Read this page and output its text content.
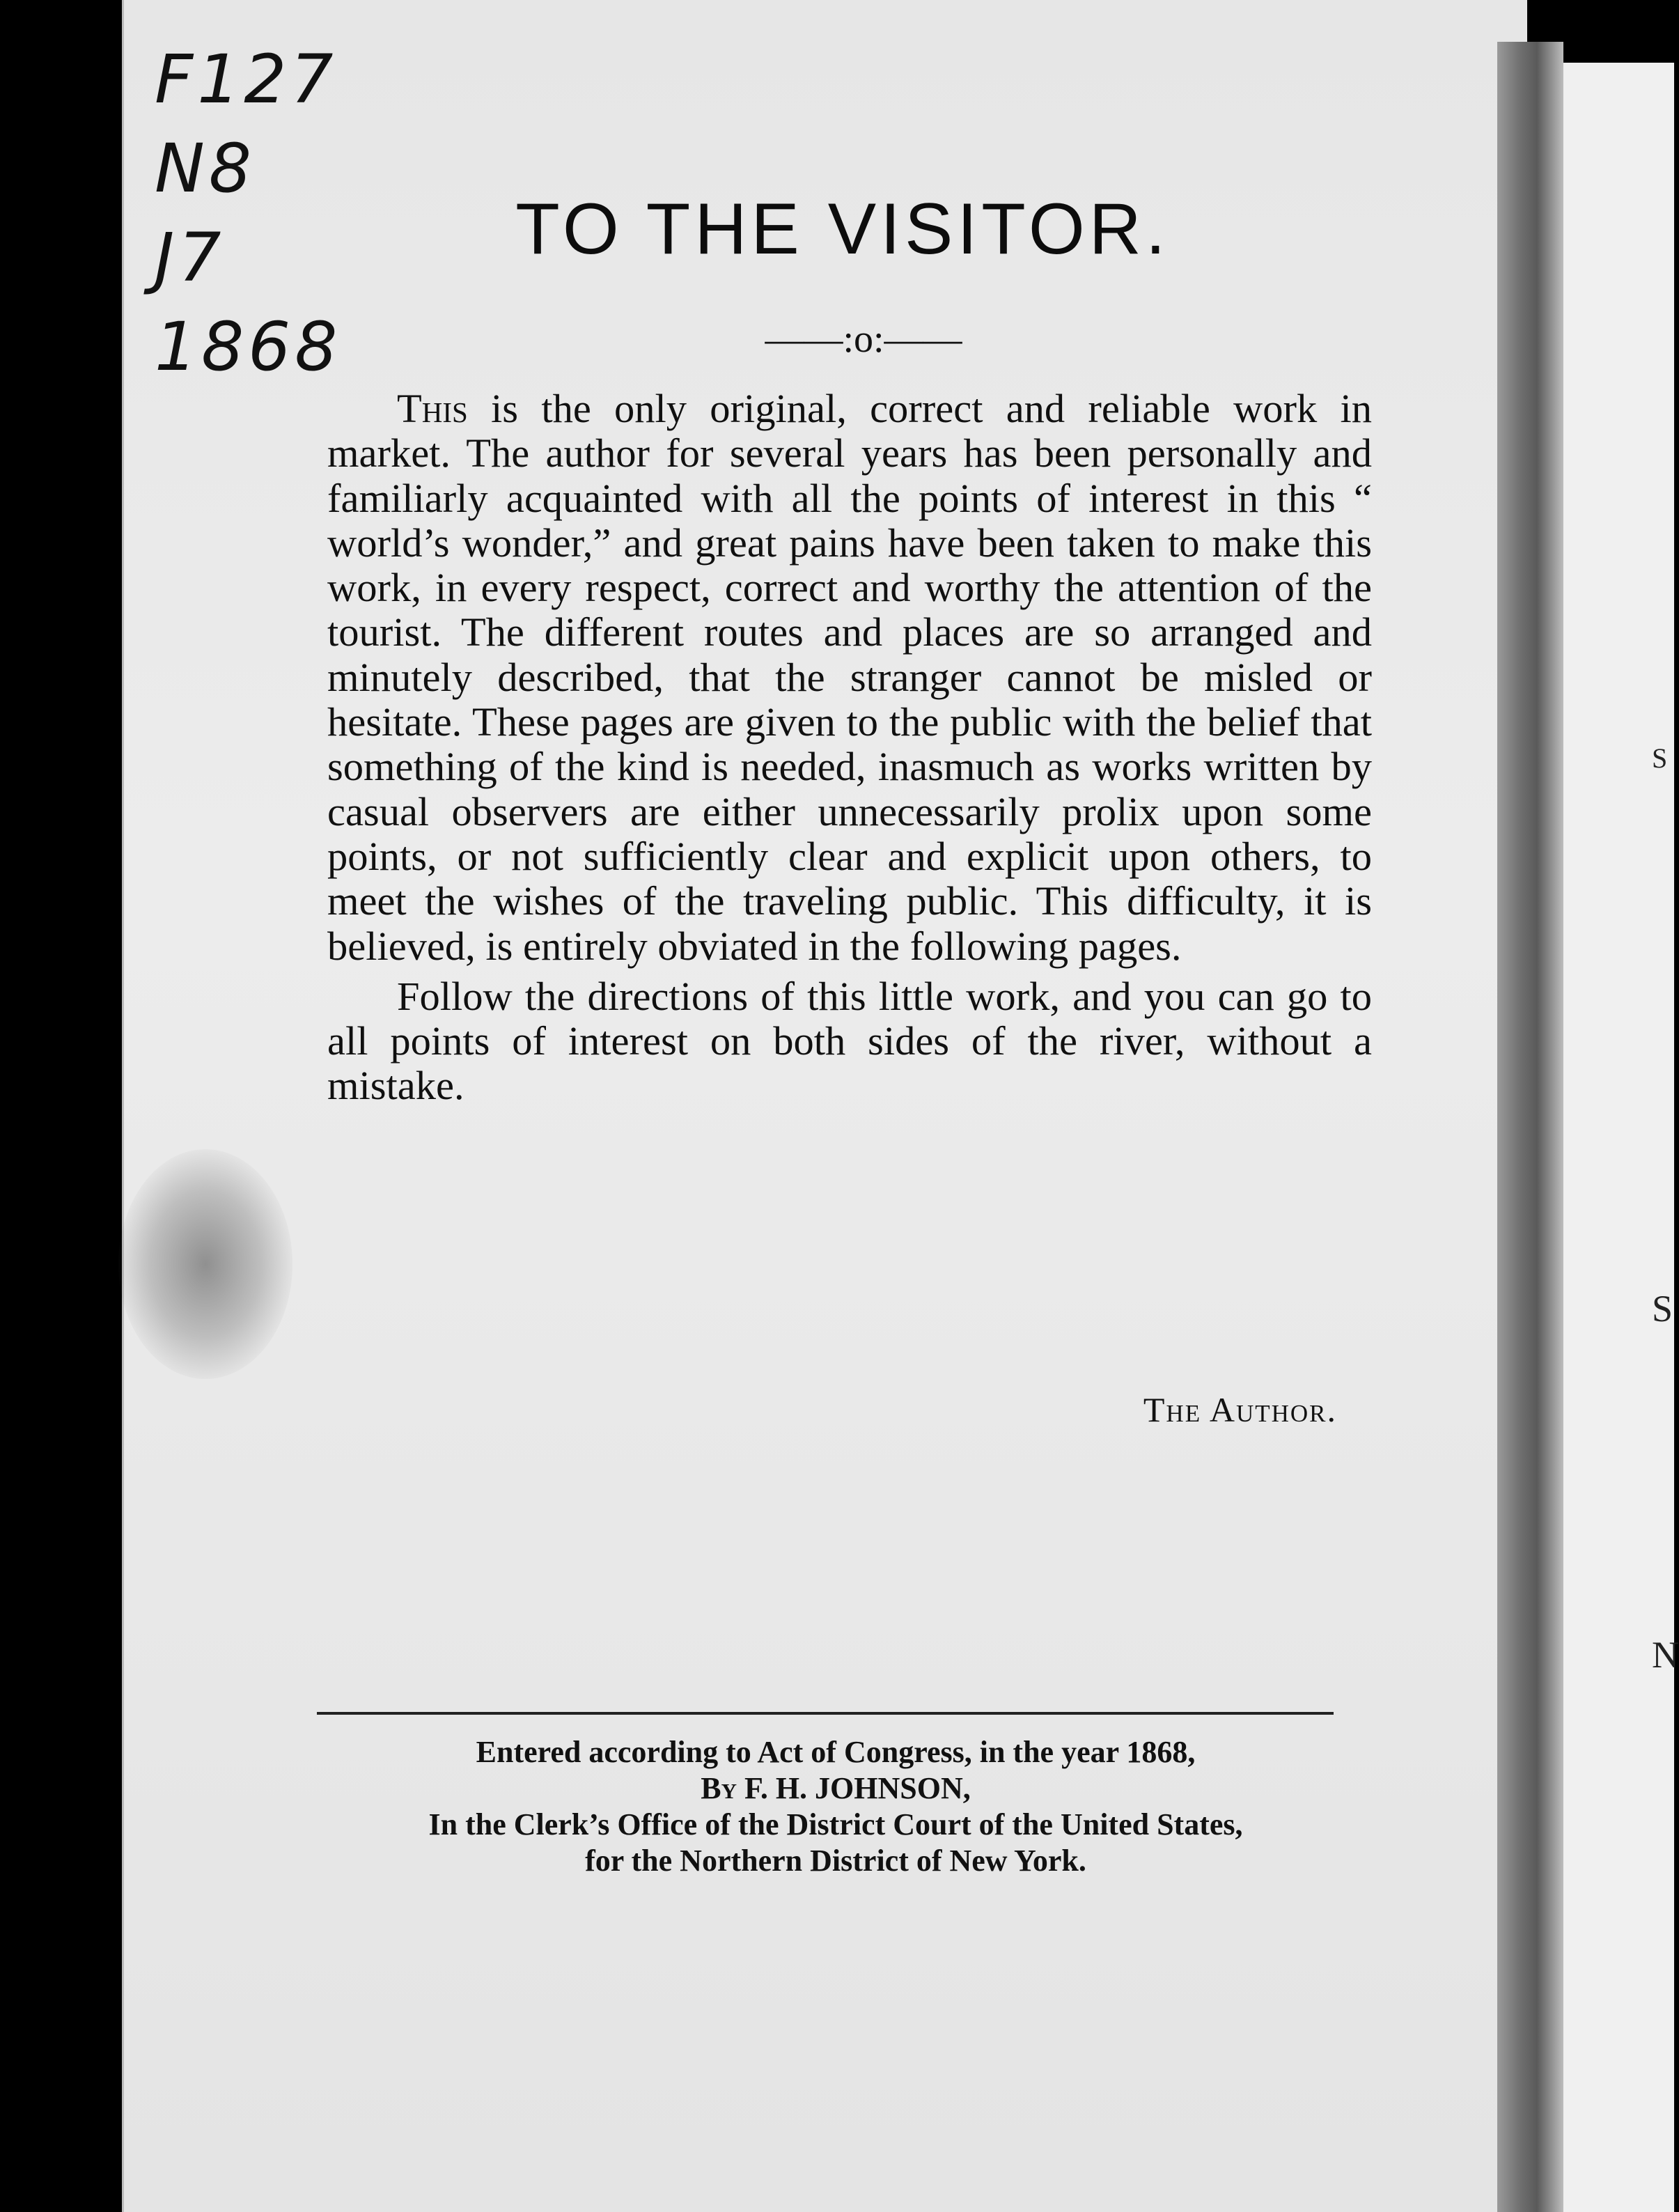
S
S
N
F127
N8
J7
1868
TO THE VISITOR.
——:o:——

This is the only original, correct and reliable work in market. The author for several years has been personally and familiarly acquainted with all the points of interest in this “ world’s wonder,” and great pains have been taken to make this work, in every respect, correct and worthy the attention of the tourist. The different routes and places are so arranged and minutely described, that the stranger cannot be misled or hesitate. These pages are given to the public with the belief that something of the kind is needed, inasmuch as works written by casual observers are either unnecessarily prolix upon some points, or not sufficiently clear and explicit upon others, to meet the wishes of the traveling public. This difficulty, it is believed, is entirely obviated in the following pages.

Follow the directions of this little work, and you can go to all points of interest on both sides of the river, without a mistake.

The Author.
Entered according to Act of Congress, in the year 1868,
By F. H. JOHNSON,
In the Clerk’s Office of the District Court of the United States,
for the Northern District of New York.
